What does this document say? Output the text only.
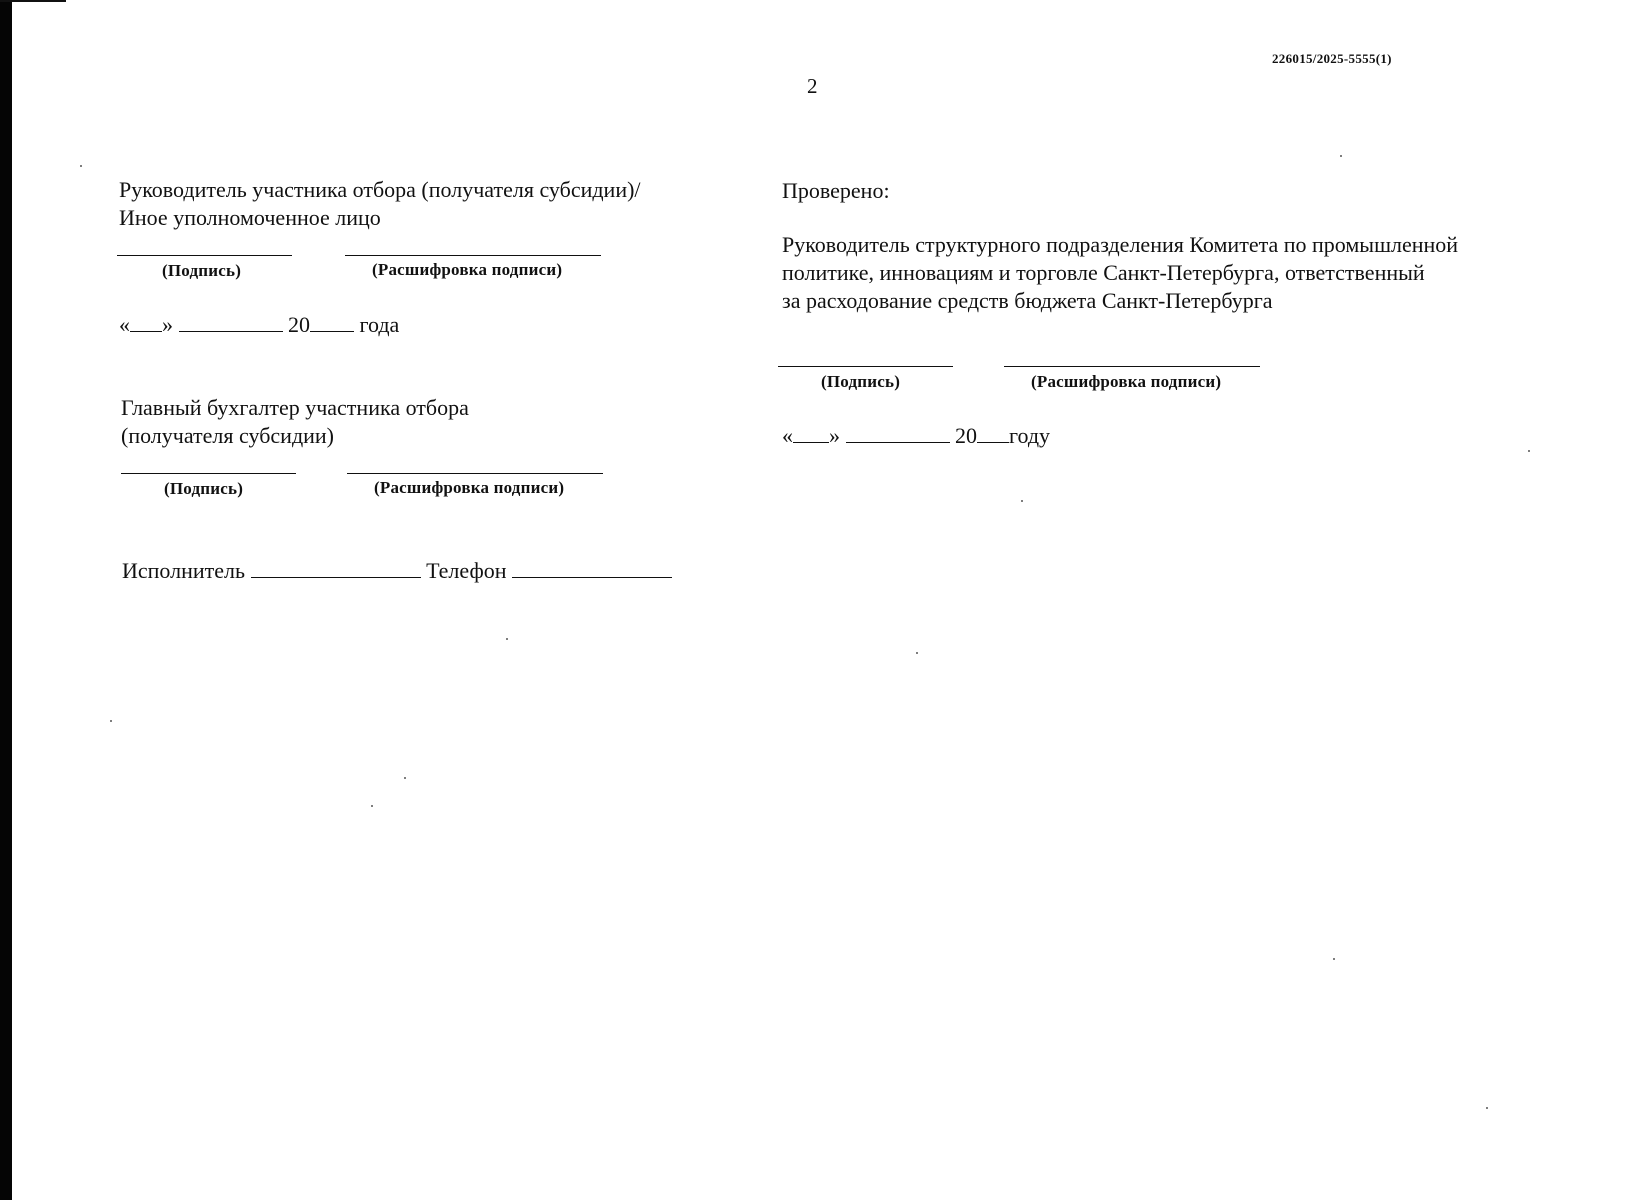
226015/2025-5555(1)
2
Руководитель участника отбора (получателя субсидии)/
Иное уполномоченное лицо
(Подпись)	(Расшифровка подписи)
« »	20 года
Главный бухгалтер участника отбора
(получателя субсидии)
(Подпись)	(Расшифровка подписи)
Исполнитель	Телефон
Проверено:
Руководитель структурного подразделения Комитета по промышленной
политике, инновациям и торговле Санкт-Петербурга, ответственный
за расходование средств бюджета Санкт-Петербурга
(Подпись)	(Расшифровка подписи)
« »	20 году
